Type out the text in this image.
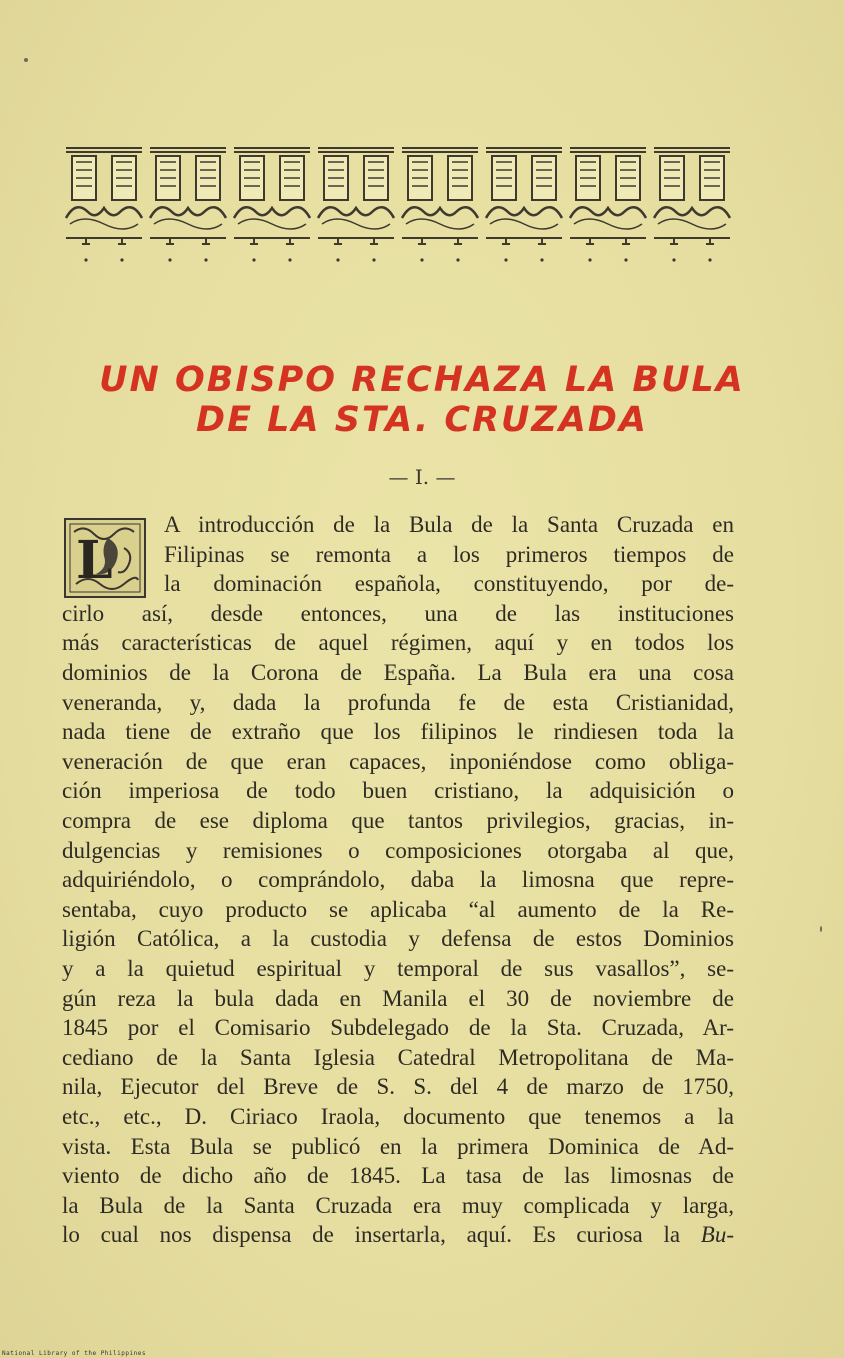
UN OBISPO RECHAZA LA BULA
DE LA STA. CRUZADA
— I. —
L

A introducción de la Bula de la Santa Cruzada en

Filipinas se remonta a los primeros tiempos de

la dominación española, constituyendo, por de-

cirlo así, desde entonces, una de las instituciones

más características de aquel régimen, aquí y en todos los

dominios de la Corona de España. La Bula era una cosa

veneranda, y, dada la profunda fe de esta Cristianidad,

nada tiene de extraño que los filipinos le rindiesen toda la

veneración de que eran capaces, inponiéndose como obliga-

ción imperiosa de todo buen cristiano, la adquisición o

compra de ese diploma que tantos privilegios, gracias, in-

dulgencias y remisiones o composiciones otorgaba al que,

adquiriéndolo, o comprándolo, daba la limosna que repre-

sentaba, cuyo producto se aplicaba “al aumento de la Re-

ligión Católica, a la custodia y defensa de estos Dominios

y a la quietud espiritual y temporal de sus vasallos”, se-

gún reza la bula dada en Manila el 30 de noviembre de

1845 por el Comisario Subdelegado de la Sta. Cruzada, Ar-

cediano de la Santa Iglesia Catedral Metropolitana de Ma-

nila, Ejecutor del Breve de S. S. del 4 de marzo de 1750,

etc., etc., D. Ciriaco Iraola, documento que tenemos a la

vista. Esta Bula se publicó en la primera Dominica de Ad-

viento de dicho año de 1845. La tasa de las limosnas de

la Bula de la Santa Cruzada era muy complicada y larga,

lo cual nos dispensa de insertarla, aquí. Es curiosa la Bu-

National Library of the Philippines
